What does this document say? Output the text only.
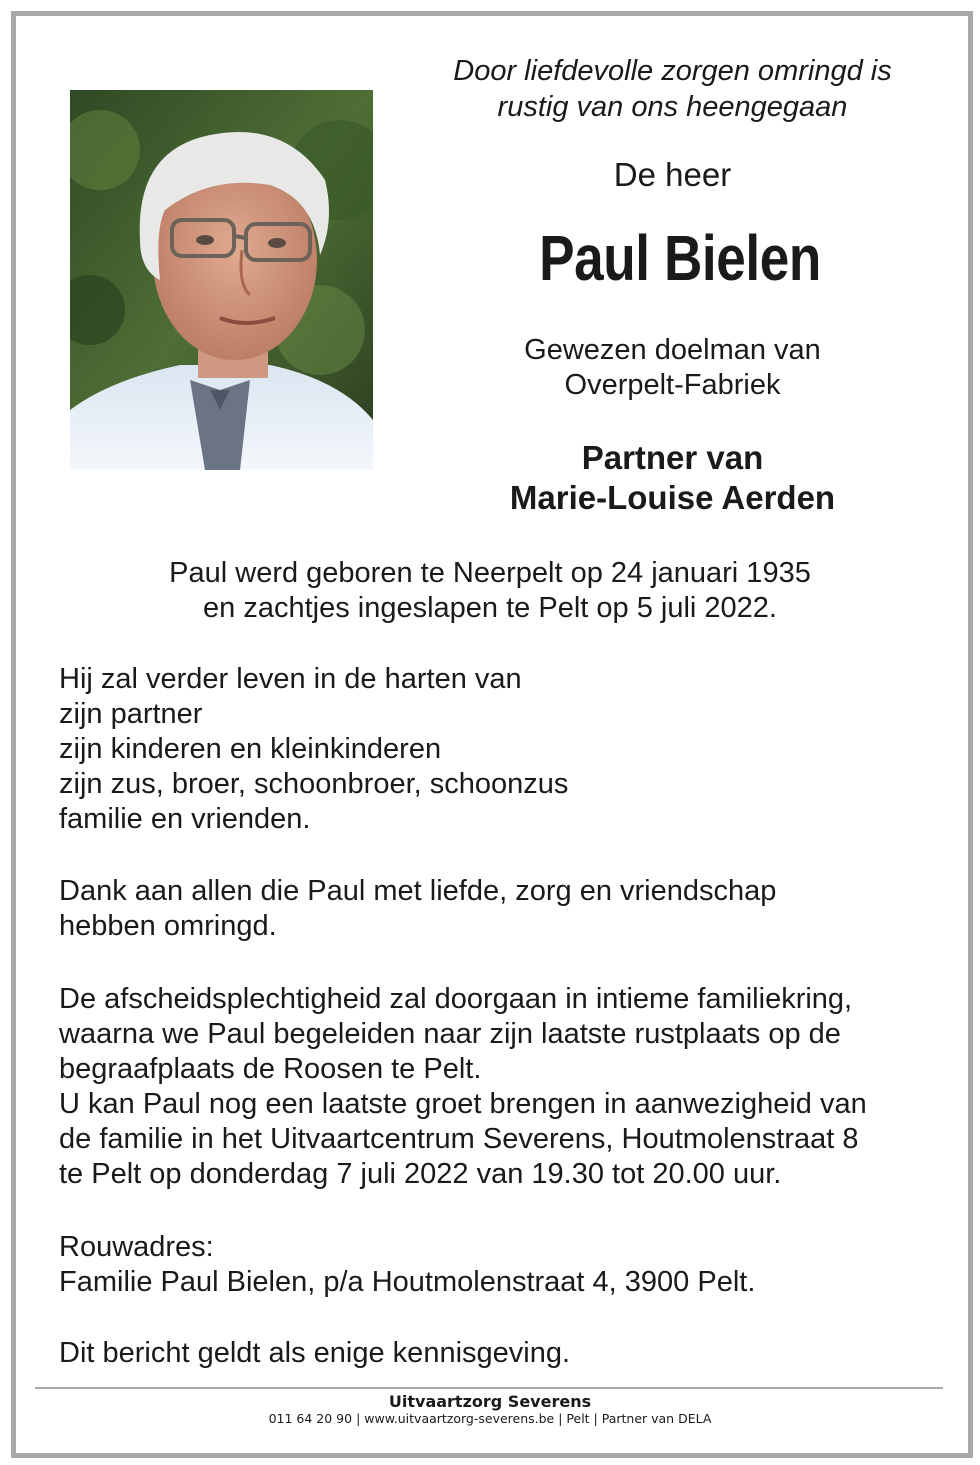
Door liefdevolle zorgen omringd is
rustig van ons heengegaan
De heer
Paul Bielen
Gewezen doelman van
Overpelt-Fabriek
Partner van
Marie-Louise Aerden
Paul werd geboren te Neerpelt op 24 januari 1935
en zachtjes ingeslapen te Pelt op 5 juli 2022.
Hij zal verder leven in de harten van
zijn partner
zijn kinderen en kleinkinderen
zijn zus, broer, schoonbroer, schoonzus
familie en vrienden.
Dank aan allen die Paul met liefde, zorg en vriendschap
hebben omringd.
De afscheidsplechtigheid zal doorgaan in intieme familiekring,
waarna we Paul begeleiden naar zijn laatste rustplaats op de
begraafplaats de Roosen te Pelt.
U kan Paul nog een laatste groet brengen in aanwezigheid van
de familie in het Uitvaartcentrum Severens, Houtmolenstraat 8
te Pelt op donderdag 7 juli 2022 van 19.30 tot 20.00 uur.
Rouwadres:
Familie Paul Bielen, p/a Houtmolenstraat 4, 3900 Pelt.
Dit bericht geldt als enige kennisgeving.
Uitvaartzorg Severens
011 64 20 90 | www.uitvaartzorg-severens.be | Pelt | Partner van DELA
